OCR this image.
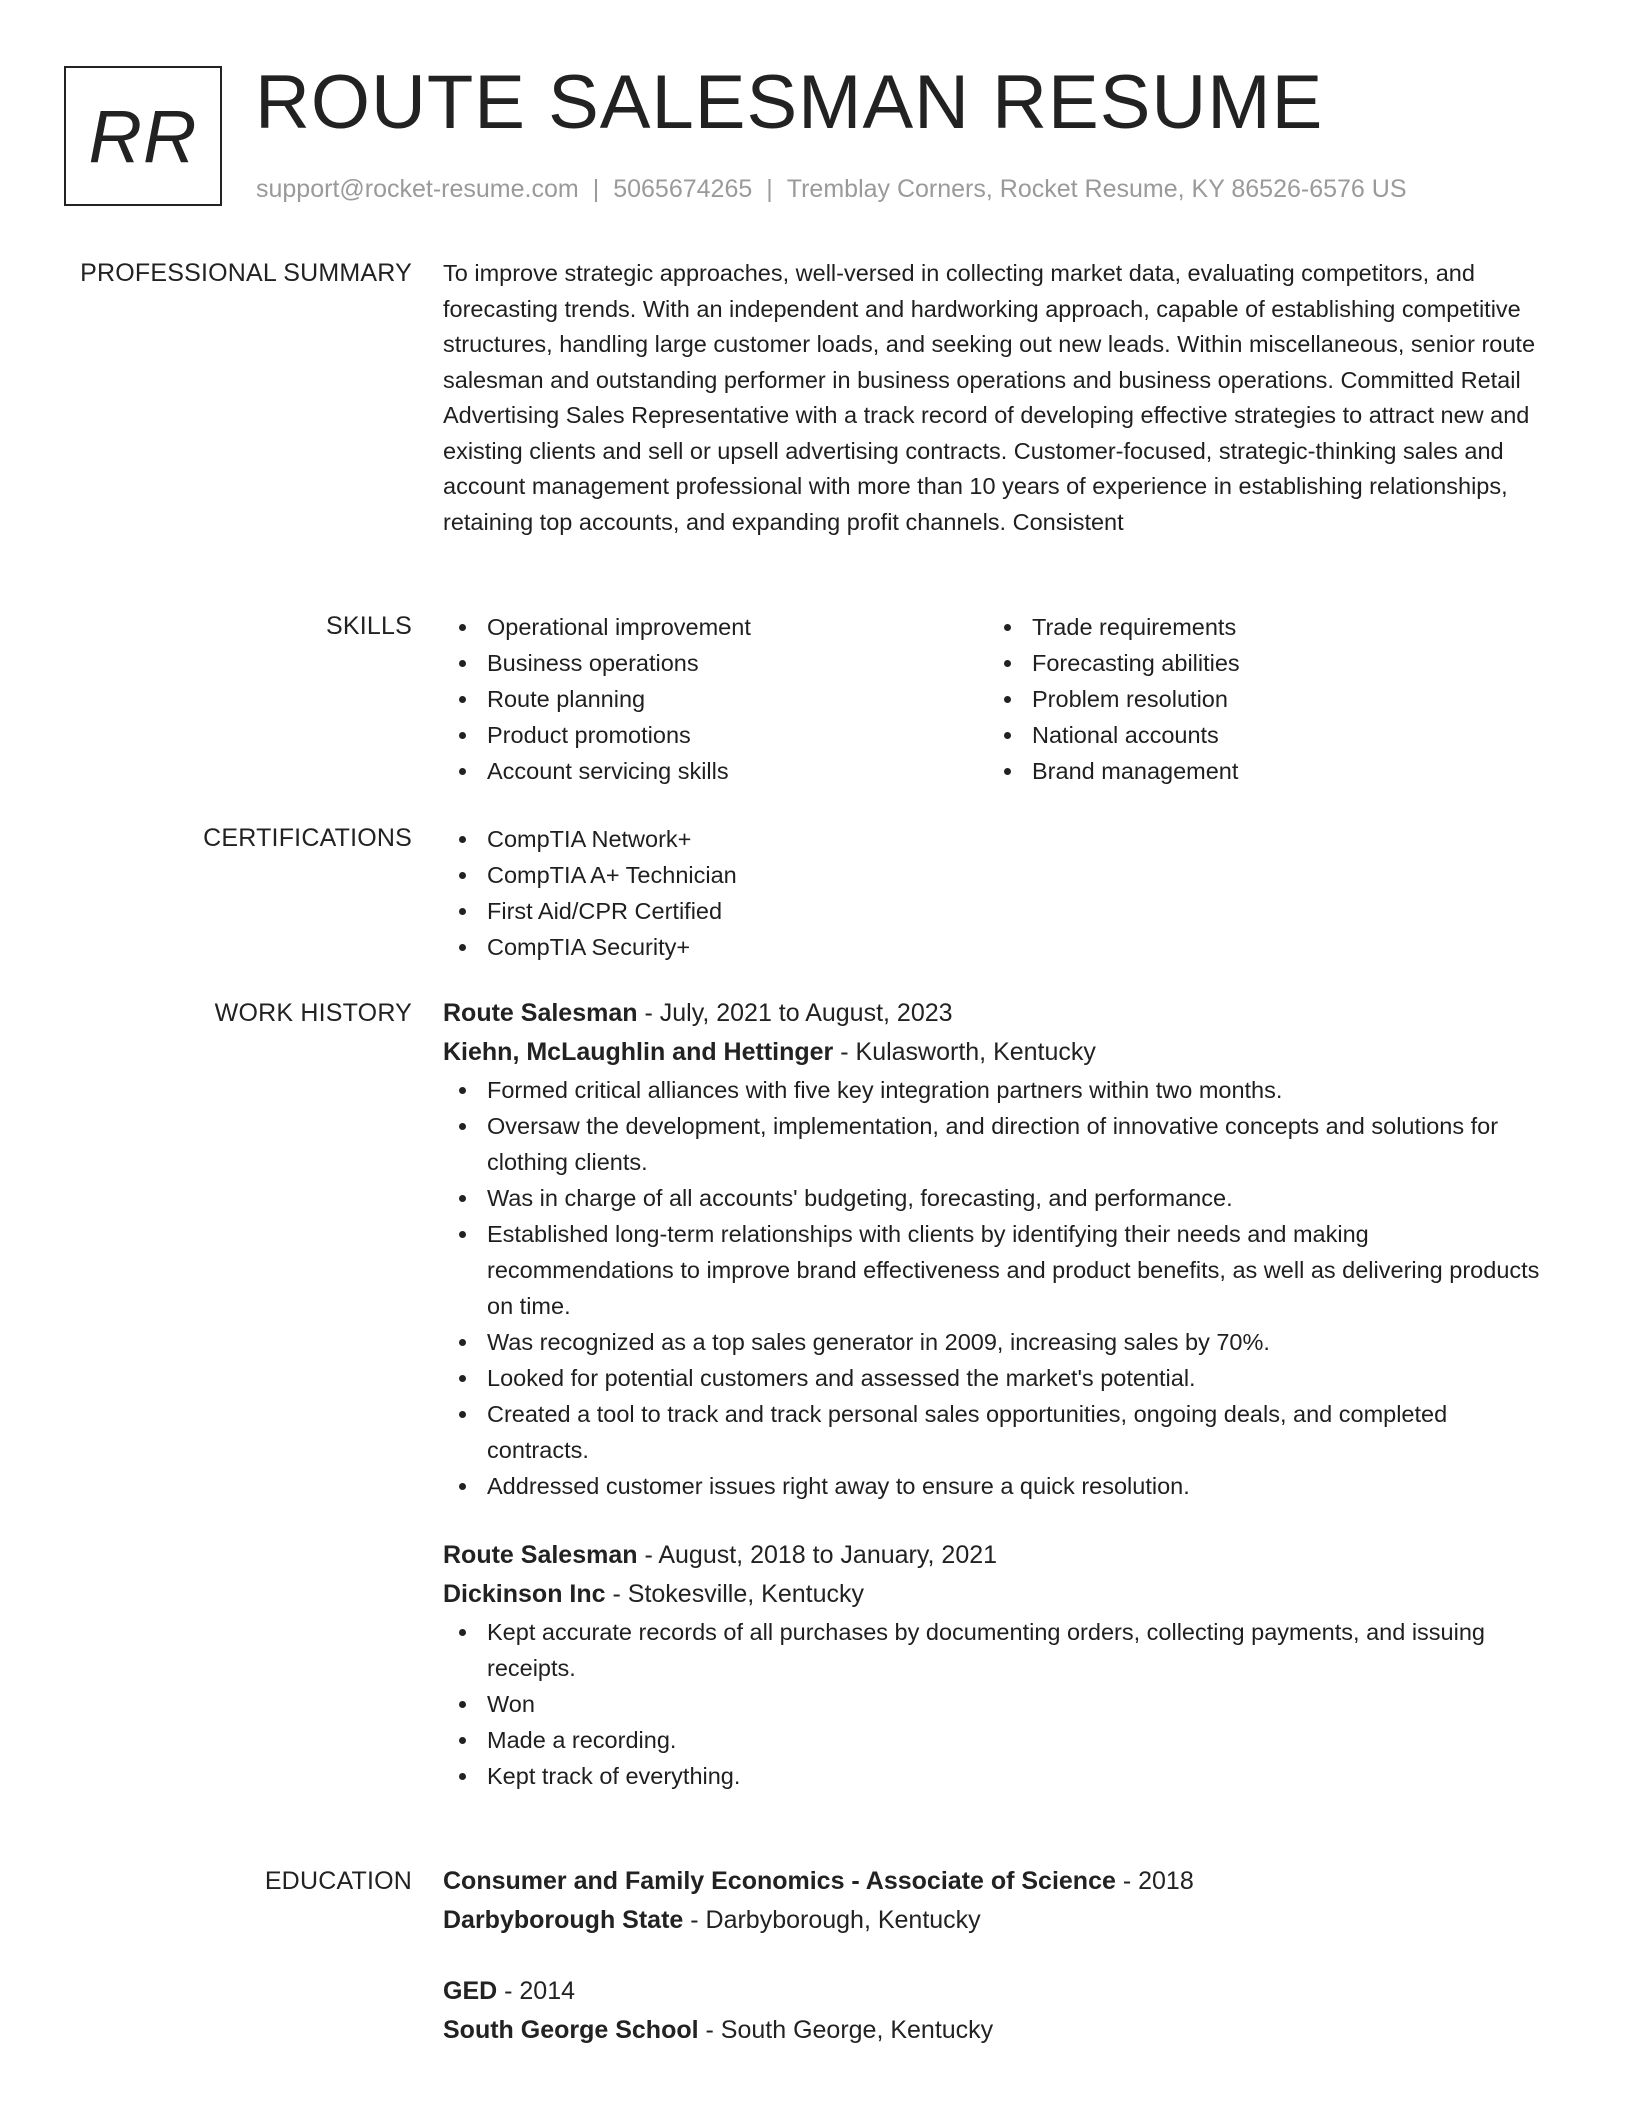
RR ROUTE SALESMAN RESUME
support@rocket-resume.com | 5065674265 | Tremblay Corners, Rocket Resume, KY 86526-6576 US
PROFESSIONAL SUMMARY To improve strategic approaches, well-versed in collecting market data, evaluating competitors, and forecasting trends. With an independent and hardworking approach, capable of establishing competitive structures, handling large customer loads, and seeking out new leads. Within miscellaneous, senior route salesman and outstanding performer in business operations and business operations. Committed Retail Advertising Sales Representative with a track record of developing effective strategies to attract new and existing clients and sell or upsell advertising contracts. Customer-focused, strategic-thinking sales and account management professional with more than 10 years of experience in establishing relationships, retaining top accounts, and expanding profit channels. Consistent

SKILLS	Operational improvement
Business operations
Route planning
Product promotions
Account servicing skills
Trade requirements
Forecasting abilities
Problem resolution
National accounts
Brand management
CERTIFICATIONS	CompTIA Network+
CompTIA A+ Technician
First Aid/CPR Certified
CompTIA Security+
WORK HISTORY Route Salesman - July, 2021 to August, 2023
Kiehn, McLaughlin and Hettinger - Kulasworth, Kentucky
Formed critical alliances with five key integration partners within two months.
Oversaw the development, implementation, and direction of innovative concepts and solutions for clothing clients.
Was in charge of all accounts' budgeting, forecasting, and performance.
Established long-term relationships with clients by identifying their needs and making recommendations to improve brand effectiveness and product benefits, as well as delivering products on time.
Was recognized as a top sales generator in 2009, increasing sales by 70%.
Looked for potential customers and assessed the market's potential.
Created a tool to track and track personal sales opportunities, ongoing deals, and completed contracts.
Addressed customer issues right away to ensure a quick resolution.
Route Salesman - August, 2018 to January, 2021
Dickinson Inc - Stokesville, Kentucky
Kept accurate records of all purchases by documenting orders, collecting payments, and issuing receipts.
Won
Made a recording.
Kept track of everything.
EDUCATION Consumer and Family Economics - Associate of Science - 2018
Darbyborough State - Darbyborough, Kentucky
GED - 2014
South George School - South George, Kentucky
